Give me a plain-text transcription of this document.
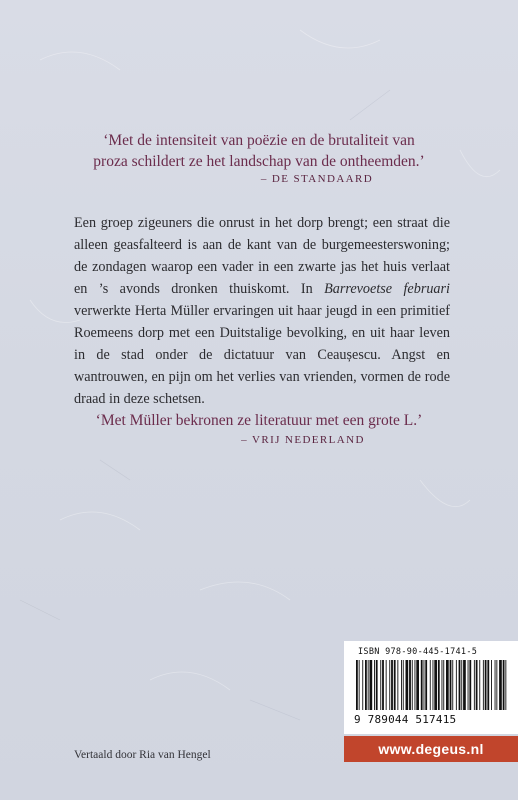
‘Met de intensiteit van poëzie en de brutaliteit van
proza schildert ze het landschap van de ontheemden.’
– DE STANDAARD
Een groep zigeuners die onrust in het dorp brengt; een straat die alleen geasfalteerd is aan de kant van de burgemeesterswoning; de zondagen waarop een vader in een zwarte jas het huis verlaat en ’s avonds dronken thuiskomt. In Barrevoetse februari verwerkte Herta Müller ervaringen uit haar jeugd in een primitief Roemeens dorp met een Duitstalige bevolking, en uit haar leven in de stad onder de dictatuur van Ceaușescu. Angst en wantrouwen, en pijn om het verlies van vrienden, vormen de rode draad in deze schetsen.
‘Met Müller bekronen ze literatuur met een grote L.’
– VRIJ NEDERLAND
Vertaald door Ria van Hengel
ISBN 978-90-445-1741-5
9 789044 517415
www.degeus.nl
